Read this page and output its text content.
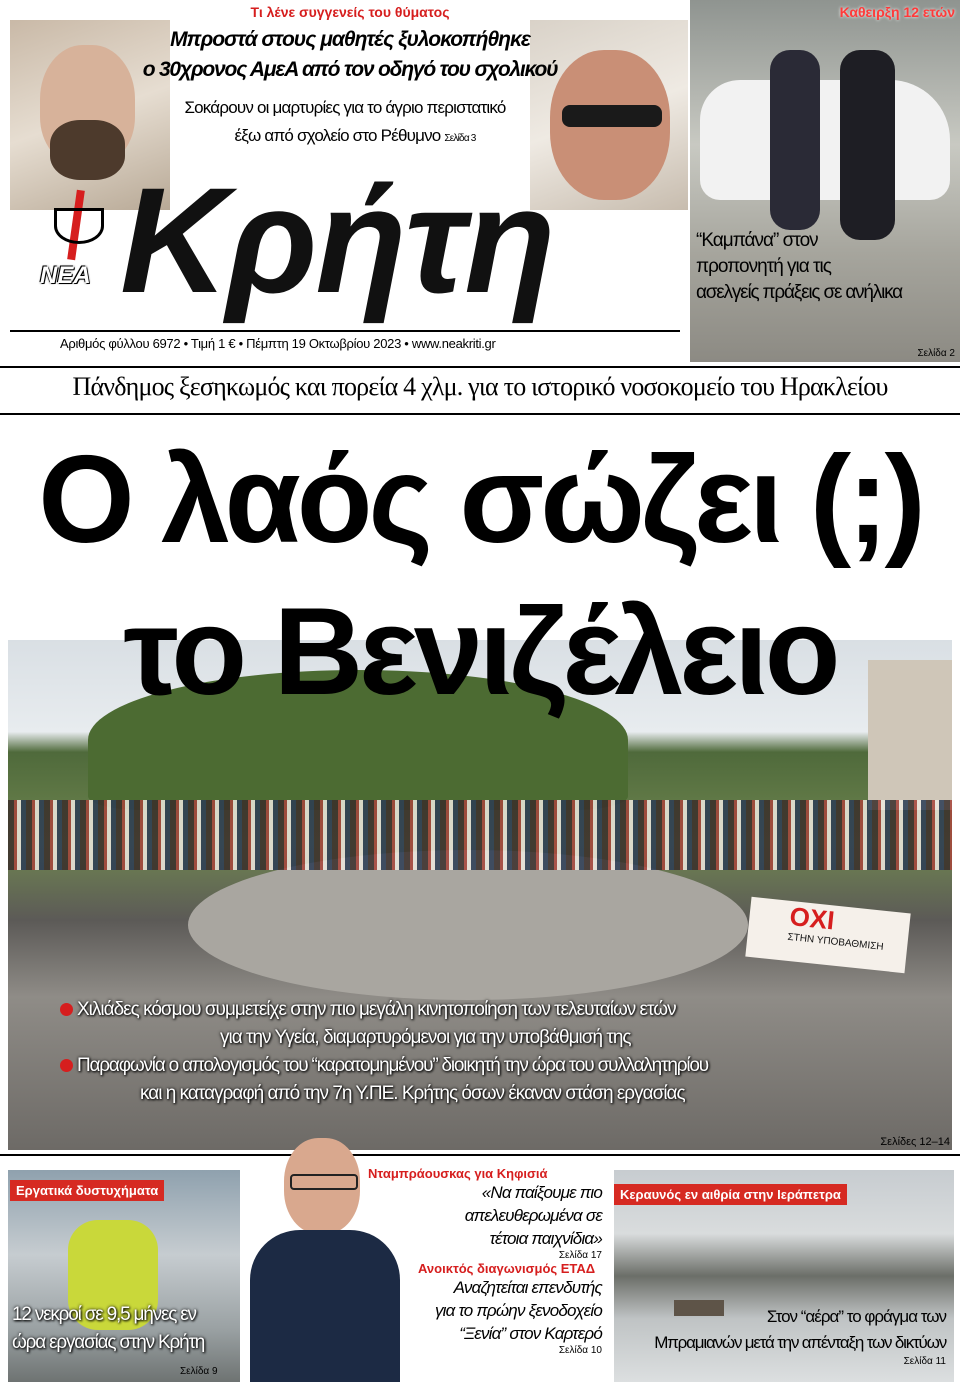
Τι λένε συγγενείς του θύματος
Μπροστά στους μαθητές ξυλοκοπήθηκε
ο 30χρονος ΑμεΑ από τον οδηγό του σχολικού
Σοκάρουν οι μαρτυρίες για το άγριο περιστατικό
έξω από σχολείο στο Ρέθυμνο Σελίδα 3
NEA Κρήτη
Αριθμός φύλλου 6972 • Τιμή 1 € • Πέμπτη 19 Οκτωβρίου 2023 • www.neakriti.gr
Καθειρξη 12 ετών
“Καμπάνα” στον
προπονητή για τις
ασελγείς πράξεις σε ανήλικα
Σελίδα 2
Πάνδημος ξεσηκωμός και πορεία 4 χλμ. για το ιστορικό νοσοκομείο του Ηρακλείου
ΟΧΙ
ΣΤΗΝ ΥΠΟΒΑΘΜΙΣΗ
Ο λαός σώζει (;)
το Βενιζέλειο
Χιλιάδες κόσμου συμμετείχε στην πιο μεγάλη κινητοποίηση των τελευταίων ετών
για την Υγεία, διαμαρτυρόμενοι για την υποβάθμισή της
Παραφωνία ο απολογισμός του “καρατομημένου” διοικητή την ώρα του συλλαλητηρίου
και η καταγραφή από την 7η Υ.ΠΕ. Κρήτης όσων έκαναν στάση εργασίας
Σελίδες 12–14
Εργατικά δυστυχήματα
12 νεκροί σε 9,5 μήνες εν
ώρα εργασίας στην Κρήτη
Σελίδα 9
Νταμπράουσκας για Κηφισιά
«Να παίξουμε πιο
απελευθερωμένα σε
τέτοια παιχνίδια»
Σελίδα 17
Ανοικτός διαγωνισμός ΕΤΑΔ
Αναζητείται επενδυτής
για το πρώην ξενοδοχείο
“Ξενία” στον Καρτερό
Σελίδα 10
Κεραυνός εν αιθρία στην Ιεράπετρα
Στον “αέρα” το φράγμα των
Μπραμιανών μετά την απένταξη των δικτύων
Σελίδα 11
